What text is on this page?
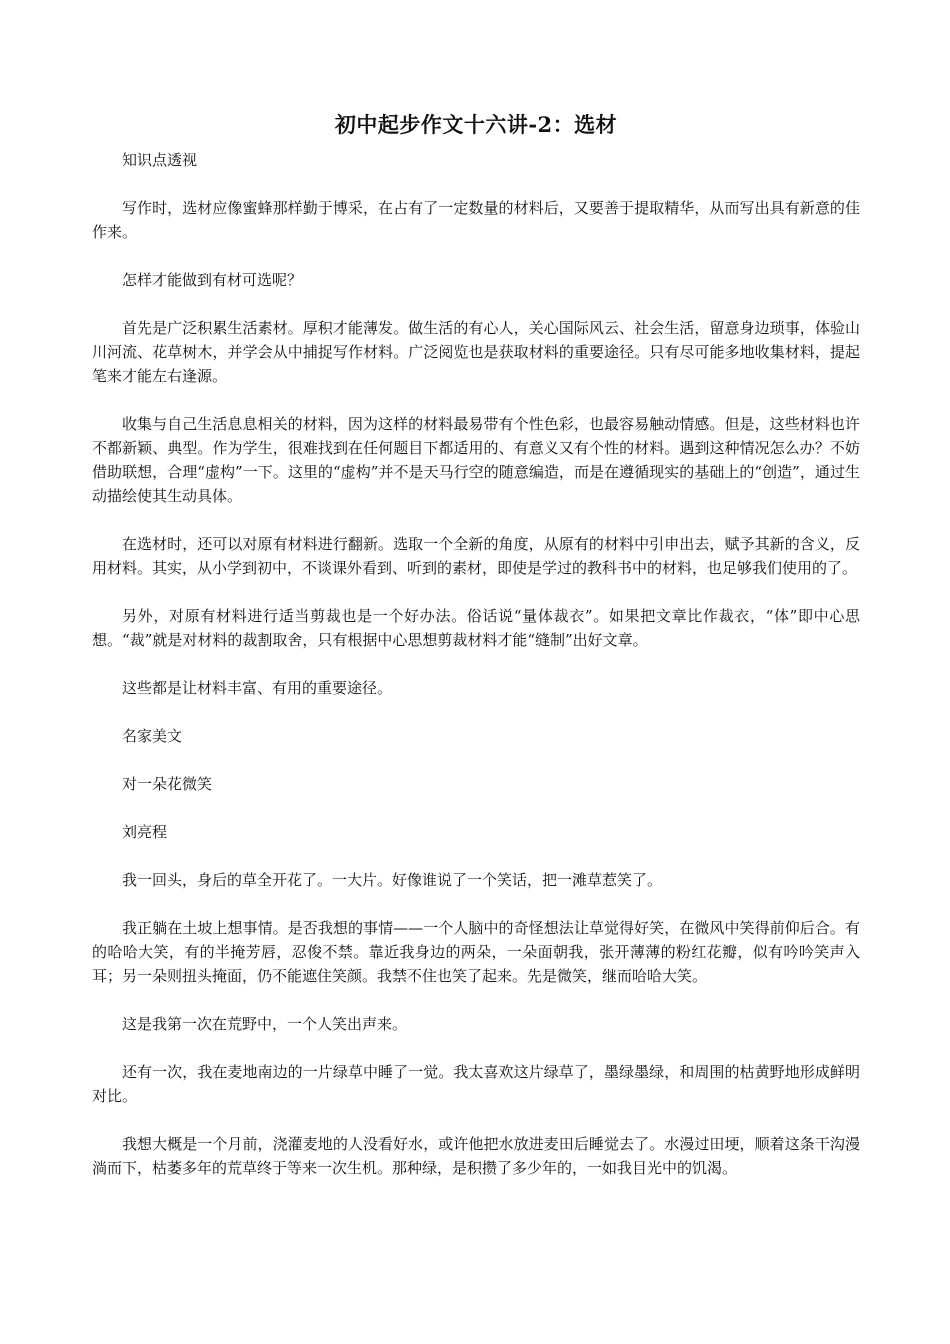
初中起步作文十六讲-2：选材

知识点透视

写作时，选材应像蜜蜂那样勤于博采，在占有了一定数量的材料后，又要善于提取精华，从而写出具有新意的佳作来。

怎样才能做到有材可选呢？

首先是广泛积累生活素材。厚积才能薄发。做生活的有心人，关心国际风云、社会生活，留意身边琐事，体验山川河流、花草树木，并学会从中捕捉写作材料。广泛阅览也是获取材料的重要途径。只有尽可能多地收集材料，提起笔来才能左右逢源。

收集与自己生活息息相关的材料，因为这样的材料最易带有个性色彩，也最容易触动情感。但是，这些材料也许不都新颖、典型。作为学生，很难找到在任何题目下都适用的、有意义又有个性的材料。遇到这种情况怎么办？不妨借助联想，合理“虚构”一下。这里的“虚构”并不是天马行空的随意编造，而是在遵循现实的基础上的“创造”，通过生动描绘使其生动具体。

在选材时，还可以对原有材料进行翻新。选取一个全新的角度，从原有的材料中引申出去，赋予其新的含义，反用材料。其实，从小学到初中，不谈课外看到、听到的素材，即使是学过的教科书中的材料，也足够我们使用的了。

另外，对原有材料进行适当剪裁也是一个好办法。俗话说“量体裁衣”。如果把文章比作裁衣，“体”即中心思想。“裁”就是对材料的裁割取舍，只有根据中心思想剪裁材料才能“缝制”出好文章。

这些都是让材料丰富、有用的重要途径。

名家美文

对一朵花微笑

刘亮程

我一回头，身后的草全开花了。一大片。好像谁说了一个笑话，把一滩草惹笑了。

我正躺在土坡上想事情。是否我想的事情——一个人脑中的奇怪想法让草觉得好笑，在微风中笑得前仰后合。有的哈哈大笑，有的半掩芳唇，忍俊不禁。靠近我身边的两朵，一朵面朝我，张开薄薄的粉红花瓣，似有吟吟笑声入耳；另一朵则扭头掩面，仍不能遮住笑颜。我禁不住也笑了起来。先是微笑，继而哈哈大笑。

这是我第一次在荒野中，一个人笑出声来。

还有一次，我在麦地南边的一片绿草中睡了一觉。我太喜欢这片绿草了，墨绿墨绿，和周围的枯黄野地形成鲜明对比。

我想大概是一个月前，浇灌麦地的人没看好水，或许他把水放进麦田后睡觉去了。水漫过田埂，顺着这条干沟漫淌而下，枯萎多年的荒草终于等来一次生机。那种绿，是积攒了多少年的，一如我目光中的饥渴。
